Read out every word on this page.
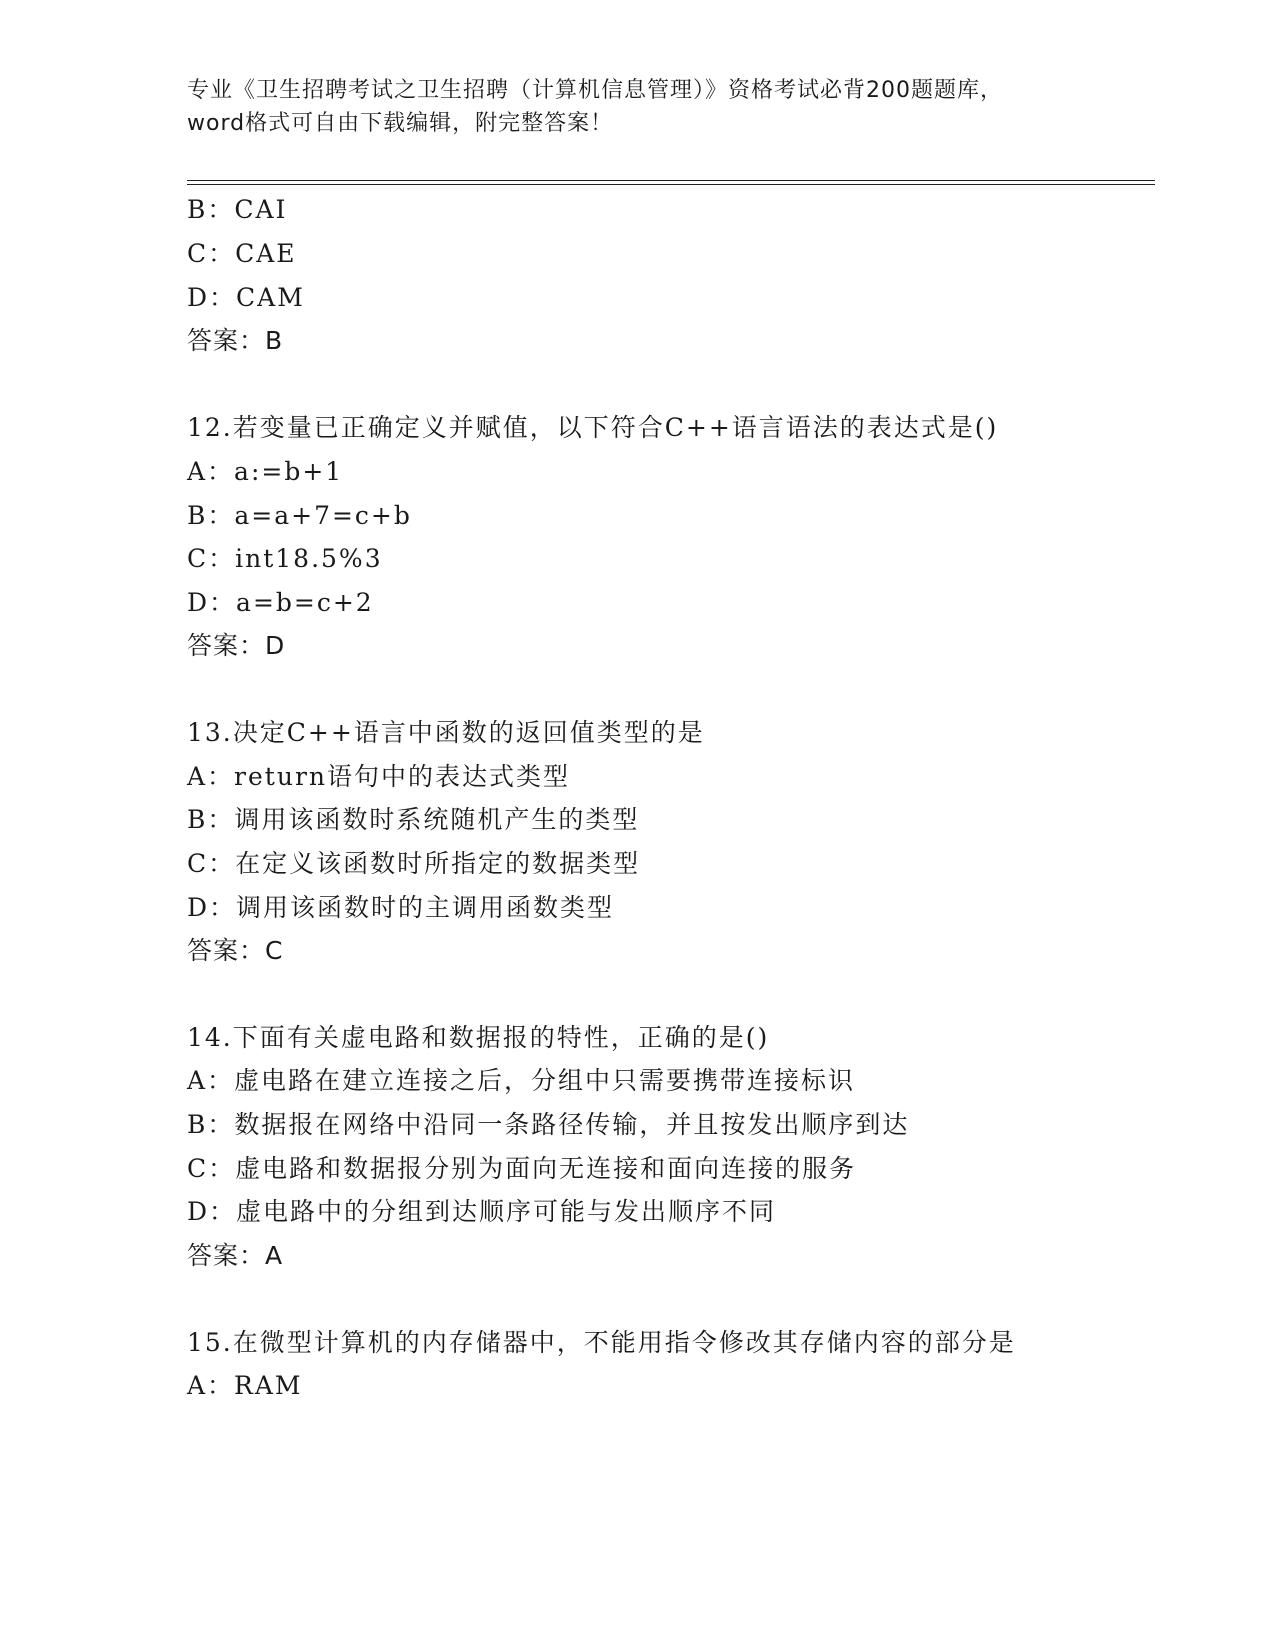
专业《卫生招聘考试之卫生招聘（计算机信息管理）》资格考试必背200题题库，
word格式可自由下载编辑，附完整答案！
B：CAI
C：CAE
D：CAM
答案：B
12.若变量已正确定义并赋值，以下符合C++语言语法的表达式是()
A：a:=b+1
B：a=a+7=c+b
C：int18.5%3
D：a=b=c+2
答案：D
13.决定C++语言中函数的返回值类型的是
A：return语句中的表达式类型
B：调用该函数时系统随机产生的类型
C：在定义该函数时所指定的数据类型
D：调用该函数时的主调用函数类型
答案：C
14.下面有关虚电路和数据报的特性，正确的是()
A：虚电路在建立连接之后，分组中只需要携带连接标识
B：数据报在网络中沿同一条路径传输，并且按发出顺序到达
C：虚电路和数据报分别为面向无连接和面向连接的服务
D：虚电路中的分组到达顺序可能与发出顺序不同
答案：A
15.在微型计算机的内存储器中，不能用指令修改其存储内容的部分是
A：RAM
